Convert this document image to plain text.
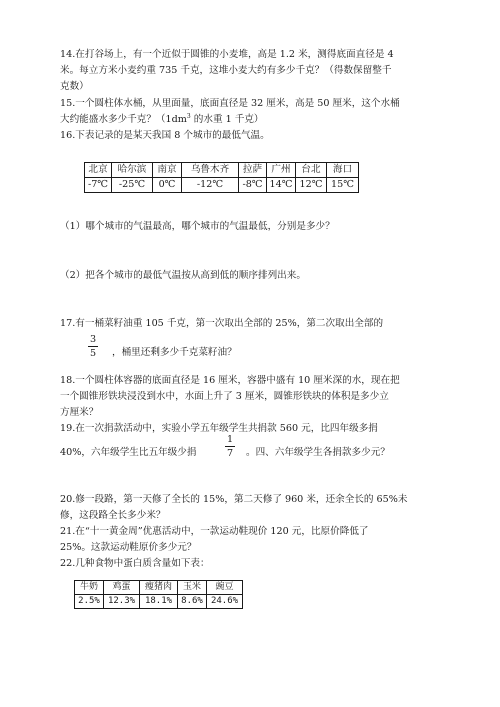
14.在打谷场上，有一个近似于圆锥的小麦堆，高是 1.2 米，测得底面直径是 4
米。每立方米小麦约重 735 千克，这堆小麦大约有多少千克？（得数保留整千
克数）
15.一个圆柱体水桶，从里面量，底面直径是 32 厘米，高是 50 厘米，这个水桶
大约能盛水多少千克？（$1dm^3$ 的水重 1 千克）
16.下表记录的是某天我国 8 个城市的最低气温。
北京	哈尔滨	南京	乌鲁木齐	拉萨	广州	台北	海口
-7℃	-25℃	0℃	-12℃	-8℃	14℃	12℃	15℃
（1）哪个城市的气温最高，哪个城市的气温最低，分别是多少？
（2）把各个城市的最低气温按从高到低的顺序排列出来。
17.有一桶菜籽油重 105 千克，第一次取出全部的 25%，第二次取出全部的
3
5 ，桶里还剩多少千克菜籽油？
18.一个圆柱体容器的底面直径是 16 厘米，容器中盛有 10 厘米深的水，现在把
一个圆锥形铁块浸没到水中，水面上升了 3 厘米，圆锥形铁块的体积是多少立
方厘米？
19.在一次捐款活动中，实验小学五年级学生共捐款 560 元，比四年级多捐
40%，六年级学生比五年级少捐
1
7 。四、六年级学生各捐款多少元？
20.修一段路，第一天修了全长的 15%，第二天修了 960 米，还余全长的 65%未
修，这段路全长多少米？
21.在“十一黄金周”优惠活动中，一款运动鞋现价 120 元，比原价降低了
25%。这款运动鞋原价多少元？
22.几种食物中蛋白质含量如下表：
牛奶	鸡蛋	瘦猪肉	玉米	豌豆
2.5%	12.3%	18.1%	8.6%	24.6%
